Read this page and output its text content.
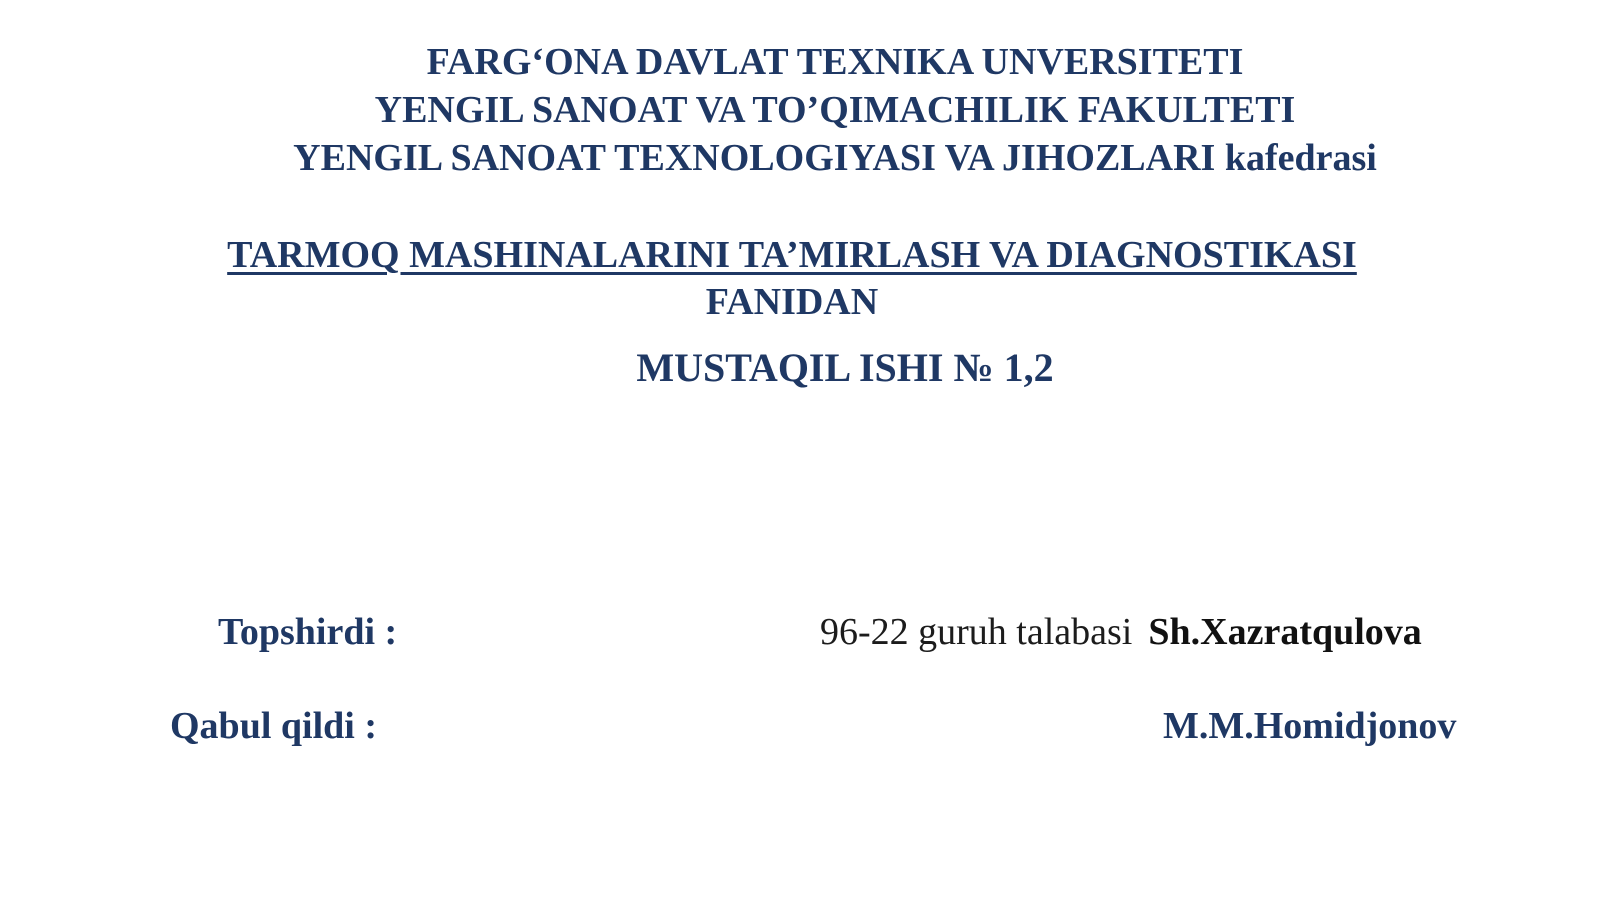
FARG‘ONA DAVLAT TEXNIKA UNVERSITETI
YENGIL SANOAT VA TO’QIMACHILIK FAKULTETI
YENGIL SANOAT TEXNOLOGIYASI VA JIHOZLARI kafedrasi
TARMOQ MASHINALARINI TA’MIRLASH VA DIAGNOSTIKASI
FANIDAN
MUSTAQIL ISHI № 1,2
Topshirdi :	96-22 guruh talabasi Sh.Xazratqulova
Qabul qildi :	M.M.Homidjonov
